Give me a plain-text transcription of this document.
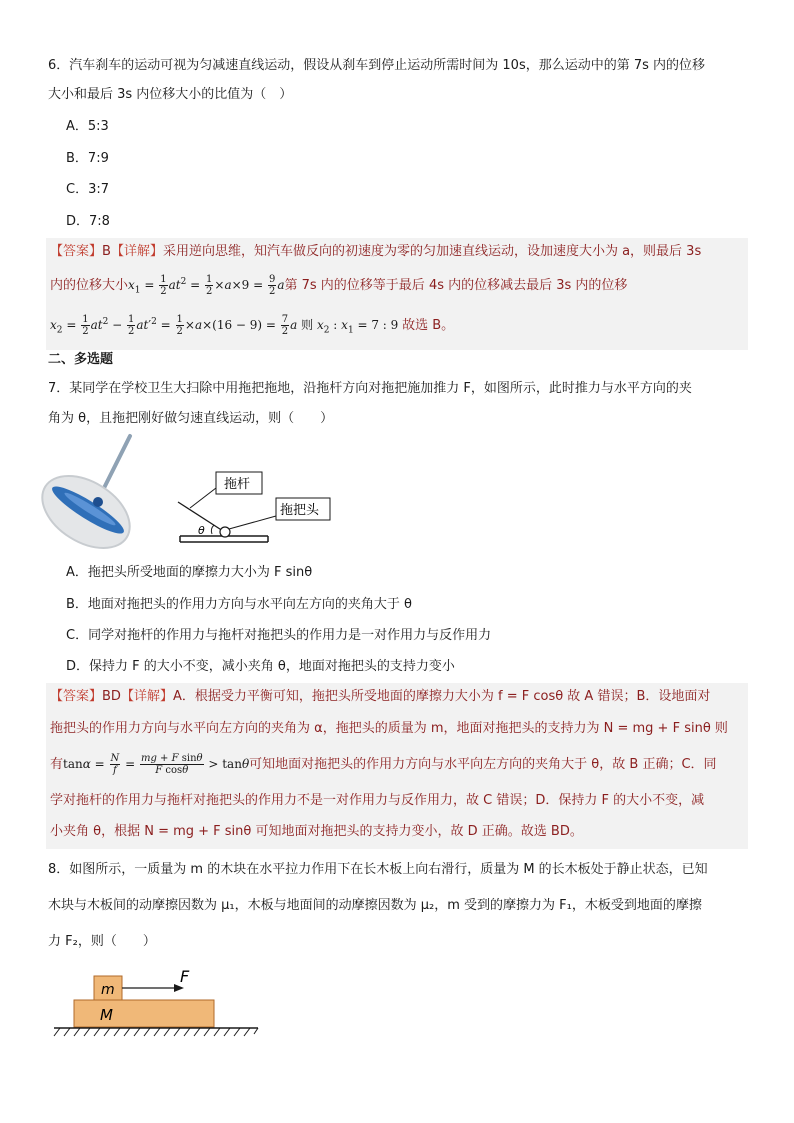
6．汽车刹车的运动可视为匀减速直线运动，假设从刹车到停止运动所需时间为 10s，那么运动中的第 7s 内的位移
大小和最后 3s 内位移大小的比值为（　）
A．5:3
B．7:9
C．3:7
D．7:8
【答案】B【详解】采用逆向思维，知汽车做反向的初速度为零的匀加速直线运动，设加速度大小为 a，则最后 3s
内的位移大小$x_1 = \frac{1}{2} at^2 = \frac{1}{2} \times a\times 9 = \frac{9}{2}$ a第 7s 内的位移等于最后 4s 内的位移减去最后 3s 内的位移
$x_2 = \frac{1}{2} at^2 - \frac{1}{2} at'^2 = \frac{1}{2} \times a\times(16 - 9) = \frac{7}{2}$ a 则 $x_2$ : $x_1 = 7$ : 9 故选 B。
二、多选题
7．某同学在学校卫生大扫除中用拖把拖地，沿拖杆方向对拖把施加推力 F，如图所示，此时推力与水平方向的夹
角为 θ，且拖把刚好做匀速直线运动，则（　　）
θ
拖杆
拖把头
A．拖把头所受地面的摩擦力大小为 F sinθ
B．地面对拖把头的作用力方向与水平向左方向的夹角大于 θ
C．同学对拖杆的作用力与拖杆对拖把头的作用力是一对作用力与反作用力
D．保持力 F 的大小不变，减小夹角 θ，地面对拖把头的支持力变小
【答案】BD【详解】A．根据受力平衡可知，拖把头所受地面的摩擦力大小为 f = F cosθ 故 A 错误；B．设地面对
拖把头的作用力方向与水平向左方向的夹角为 α，拖把头的质量为 m，地面对拖把头的支持力为 N = mg + F sinθ 则
有$\tan\alpha = \frac{N}{f} = \frac{\text{mg + F sinθ}}{\text{F cosθ}} > \tan\theta$可知地面对拖把头的作用力方向与水平向左方向的夹角大于 θ，故 B 正确；C．同
学对拖杆的作用力与拖杆对拖把头的作用力不是一对作用力与反作用力，故 C 错误；D．保持力 F 的大小不变，减
小夹角 θ，根据 N = mg + F sinθ 可知地面对拖把头的支持力变小，故 D 正确。故选 BD。
8．如图所示，一质量为 m 的木块在水平拉力作用下在长木板上向右滑行，质量为 M 的长木板处于静止状态，已知
木块与木板间的动摩擦因数为 μ₁，木板与地面间的动摩擦因数为 μ₂，m 受到的摩擦力为 F₁，木板受到地面的摩擦
力 F₂，则（　　）
m
M
F
